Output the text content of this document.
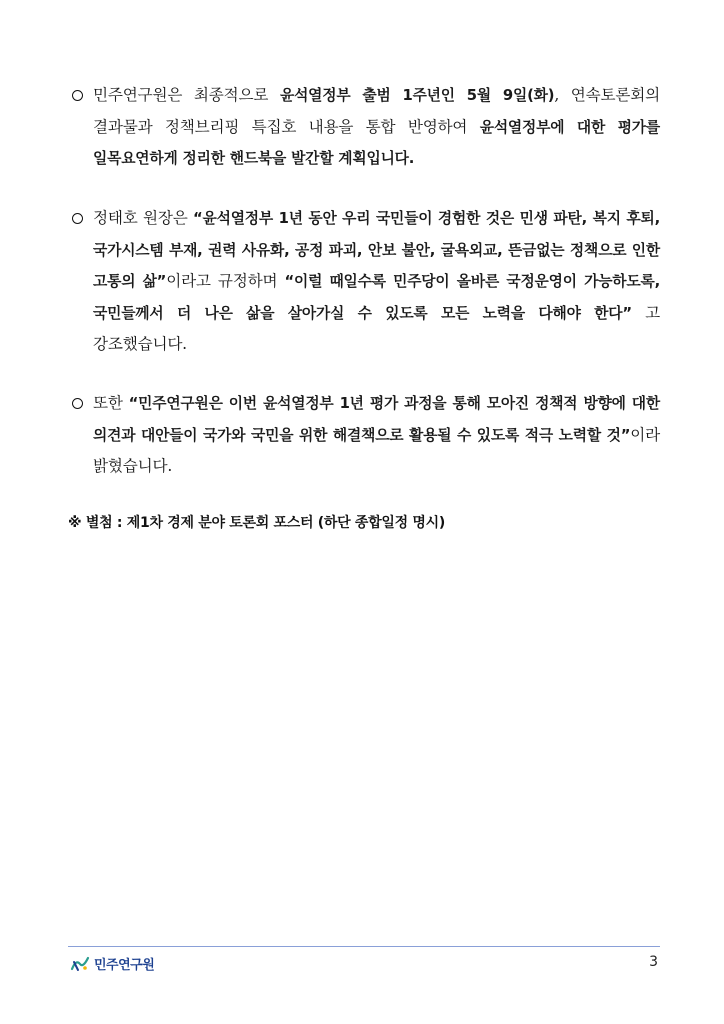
민주연구원은 최종적으로 윤석열정부 출범 1주년인 5월 9일(화), 연속토론회의 결과물과 정책브리핑 특집호 내용을 통합 반영하여 윤석열정부에 대한 평가를 일목요연하게 정리한 핸드북을 발간할 계획입니다.
정태호 원장은 “윤석열정부 1년 동안 우리 국민들이 경험한 것은 민생 파탄, 복지 후퇴, 국가시스템 부재, 권력 사유화, 공정 파괴, 안보 불안, 굴욕외교, 뜬금없는 정책으로 인한 고통의 삶”이라고 규정하며 “이럴 때일수록 민주당이 올바른 국정운영이 가능하도록, 국민들께서 더 나은 삶을 살아가실 수 있도록 모든 노력을 다해야 한다” 고 강조했습니다.
또한 “민주연구원은 이번 윤석열정부 1년 평가 과정을 통해 모아진 정책적 방향에 대한 의견과 대안들이 국가와 국민을 위한 해결책으로 활용될 수 있도록 적극 노력할 것”이라 밝혔습니다.
※ 별첨 : 제1차 경제 분야 토론회 포스터 (하단 종합일정 명시)
민주연구원	3
